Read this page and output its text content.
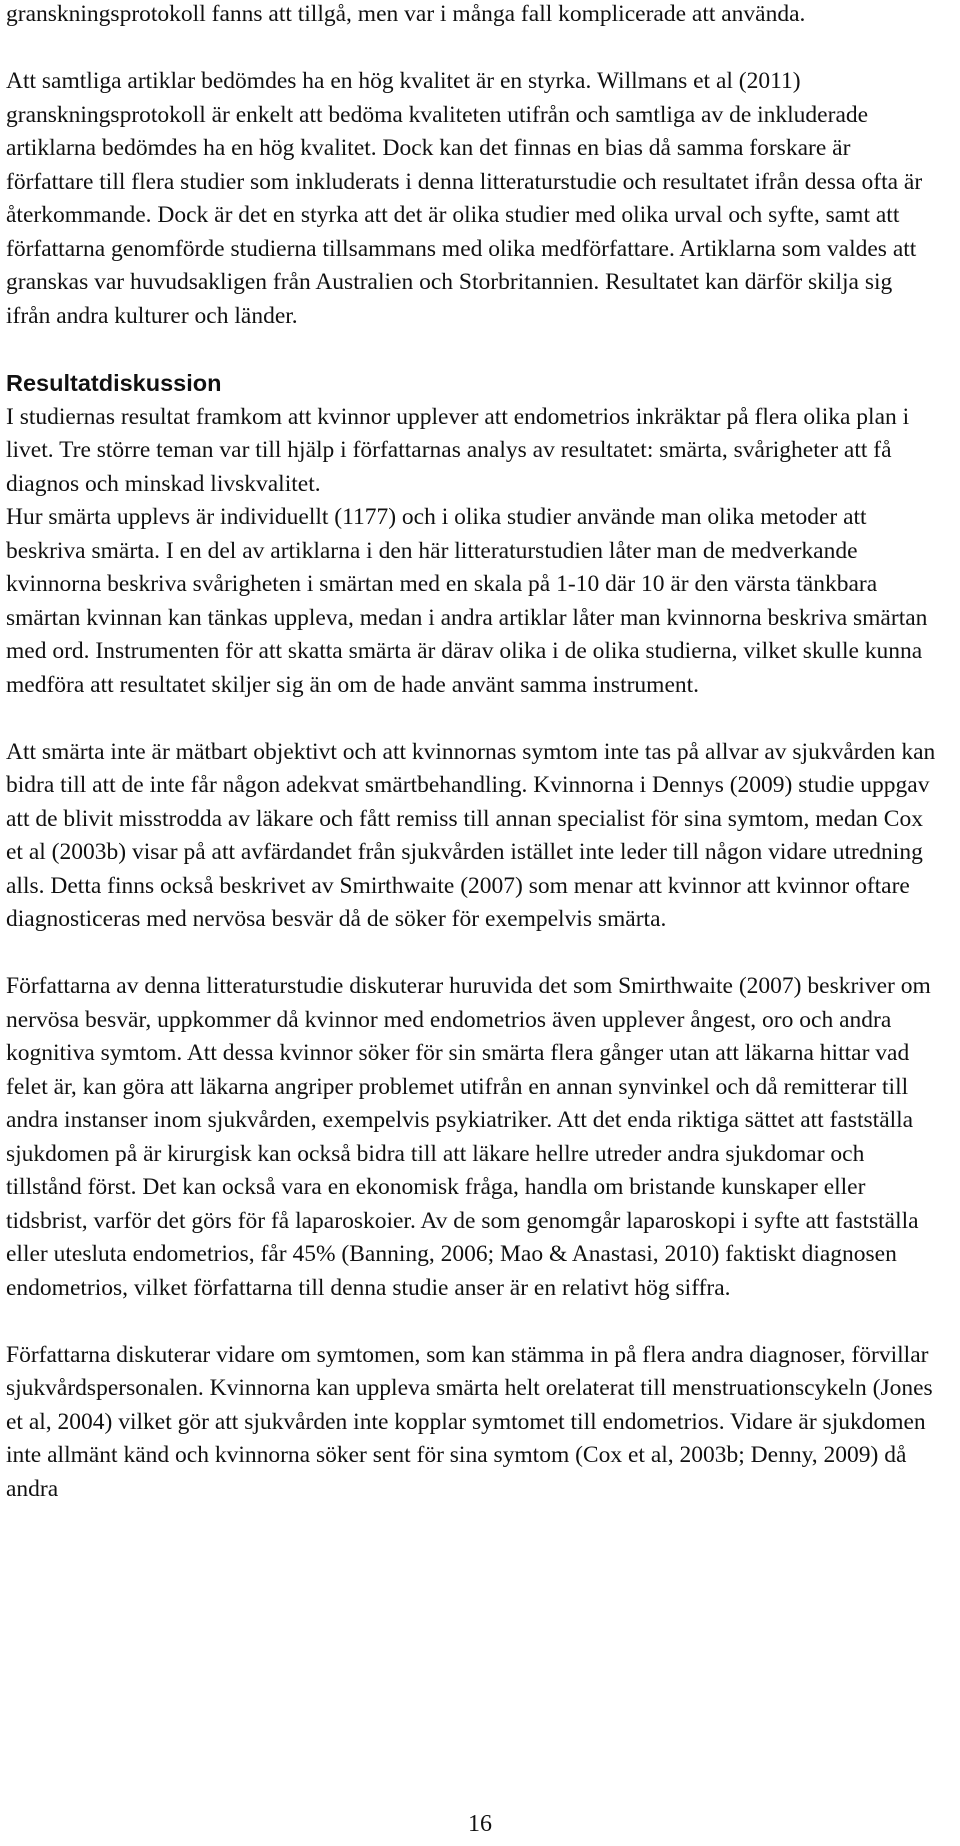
granskningsprotokoll fanns att tillgå, men var i många fall komplicerade att använda.

Att samtliga artiklar bedömdes ha en hög kvalitet är en styrka. Willmans et al (2011) granskningsprotokoll är enkelt att bedöma kvaliteten utifrån och samtliga av de inkluderade artiklarna bedömdes ha en hög kvalitet. Dock kan det finnas en bias då samma forskare är författare till flera studier som inkluderats i denna litteraturstudie och resultatet ifrån dessa ofta är återkommande. Dock är det en styrka att det är olika studier med olika urval och syfte, samt att författarna genomförde studierna tillsammans med olika medförfattare. Artiklarna som valdes att granskas var huvudsakligen från Australien och Storbritannien. Resultatet kan därför skilja sig ifrån andra kulturer och länder.

Resultatdiskussion

I studiernas resultat framkom att kvinnor upplever att endometrios inkräktar på flera olika plan i livet. Tre större teman var till hjälp i författarnas analys av resultatet: smärta, svårigheter att få diagnos och minskad livskvalitet.

Hur smärta upplevs är individuellt (1177) och i olika studier använde man olika metoder att beskriva smärta. I en del av artiklarna i den här litteraturstudien låter man de medverkande kvinnorna beskriva svårigheten i smärtan med en skala på 1-10 där 10 är den värsta tänkbara smärtan kvinnan kan tänkas uppleva, medan i andra artiklar låter man kvinnorna beskriva smärtan med ord. Instrumenten för att skatta smärta är därav olika i de olika studierna, vilket skulle kunna medföra att resultatet skiljer sig än om de hade använt samma instrument.

Att smärta inte är mätbart objektivt och att kvinnornas symtom inte tas på allvar av sjukvården kan bidra till att de inte får någon adekvat smärtbehandling. Kvinnorna i Dennys (2009) studie uppgav att de blivit misstrodda av läkare och fått remiss till annan specialist för sina symtom, medan Cox et al (2003b) visar på att avfärdandet från sjukvården istället inte leder till någon vidare utredning alls. Detta finns också beskrivet av Smirthwaite (2007) som menar att kvinnor att kvinnor oftare diagnosticeras med nervösa besvär då de söker för exempelvis smärta.

Författarna av denna litteraturstudie diskuterar huruvida det som Smirthwaite (2007) beskriver om nervösa besvär, uppkommer då kvinnor med endometrios även upplever ångest, oro och andra kognitiva symtom. Att dessa kvinnor söker för sin smärta flera gånger utan att läkarna hittar vad felet är, kan göra att läkarna angriper problemet utifrån en annan synvinkel och då remitterar till andra instanser inom sjukvården, exempelvis psykiatriker. Att det enda riktiga sättet att fastställa sjukdomen på är kirurgisk kan också bidra till att läkare hellre utreder andra sjukdomar och tillstånd först. Det kan också vara en ekonomisk fråga, handla om bristande kunskaper eller tidsbrist, varför det görs för få laparoskoier. Av de som genomgår laparoskopi i syfte att fastställa eller utesluta endometrios, får 45% (Banning, 2006; Mao & Anastasi, 2010) faktiskt diagnosen endometrios, vilket författarna till denna studie anser är en relativt hög siffra.

Författarna diskuterar vidare om symtomen, som kan stämma in på flera andra diagnoser, förvillar sjukvårdspersonalen. Kvinnorna kan uppleva smärta helt orelaterat till menstruationscykeln (Jones et al, 2004) vilket gör att sjukvården inte kopplar symtomet till endometrios. Vidare är sjukdomen inte allmänt känd och kvinnorna söker sent för sina symtom (Cox et al, 2003b; Denny, 2009) då andra

16
